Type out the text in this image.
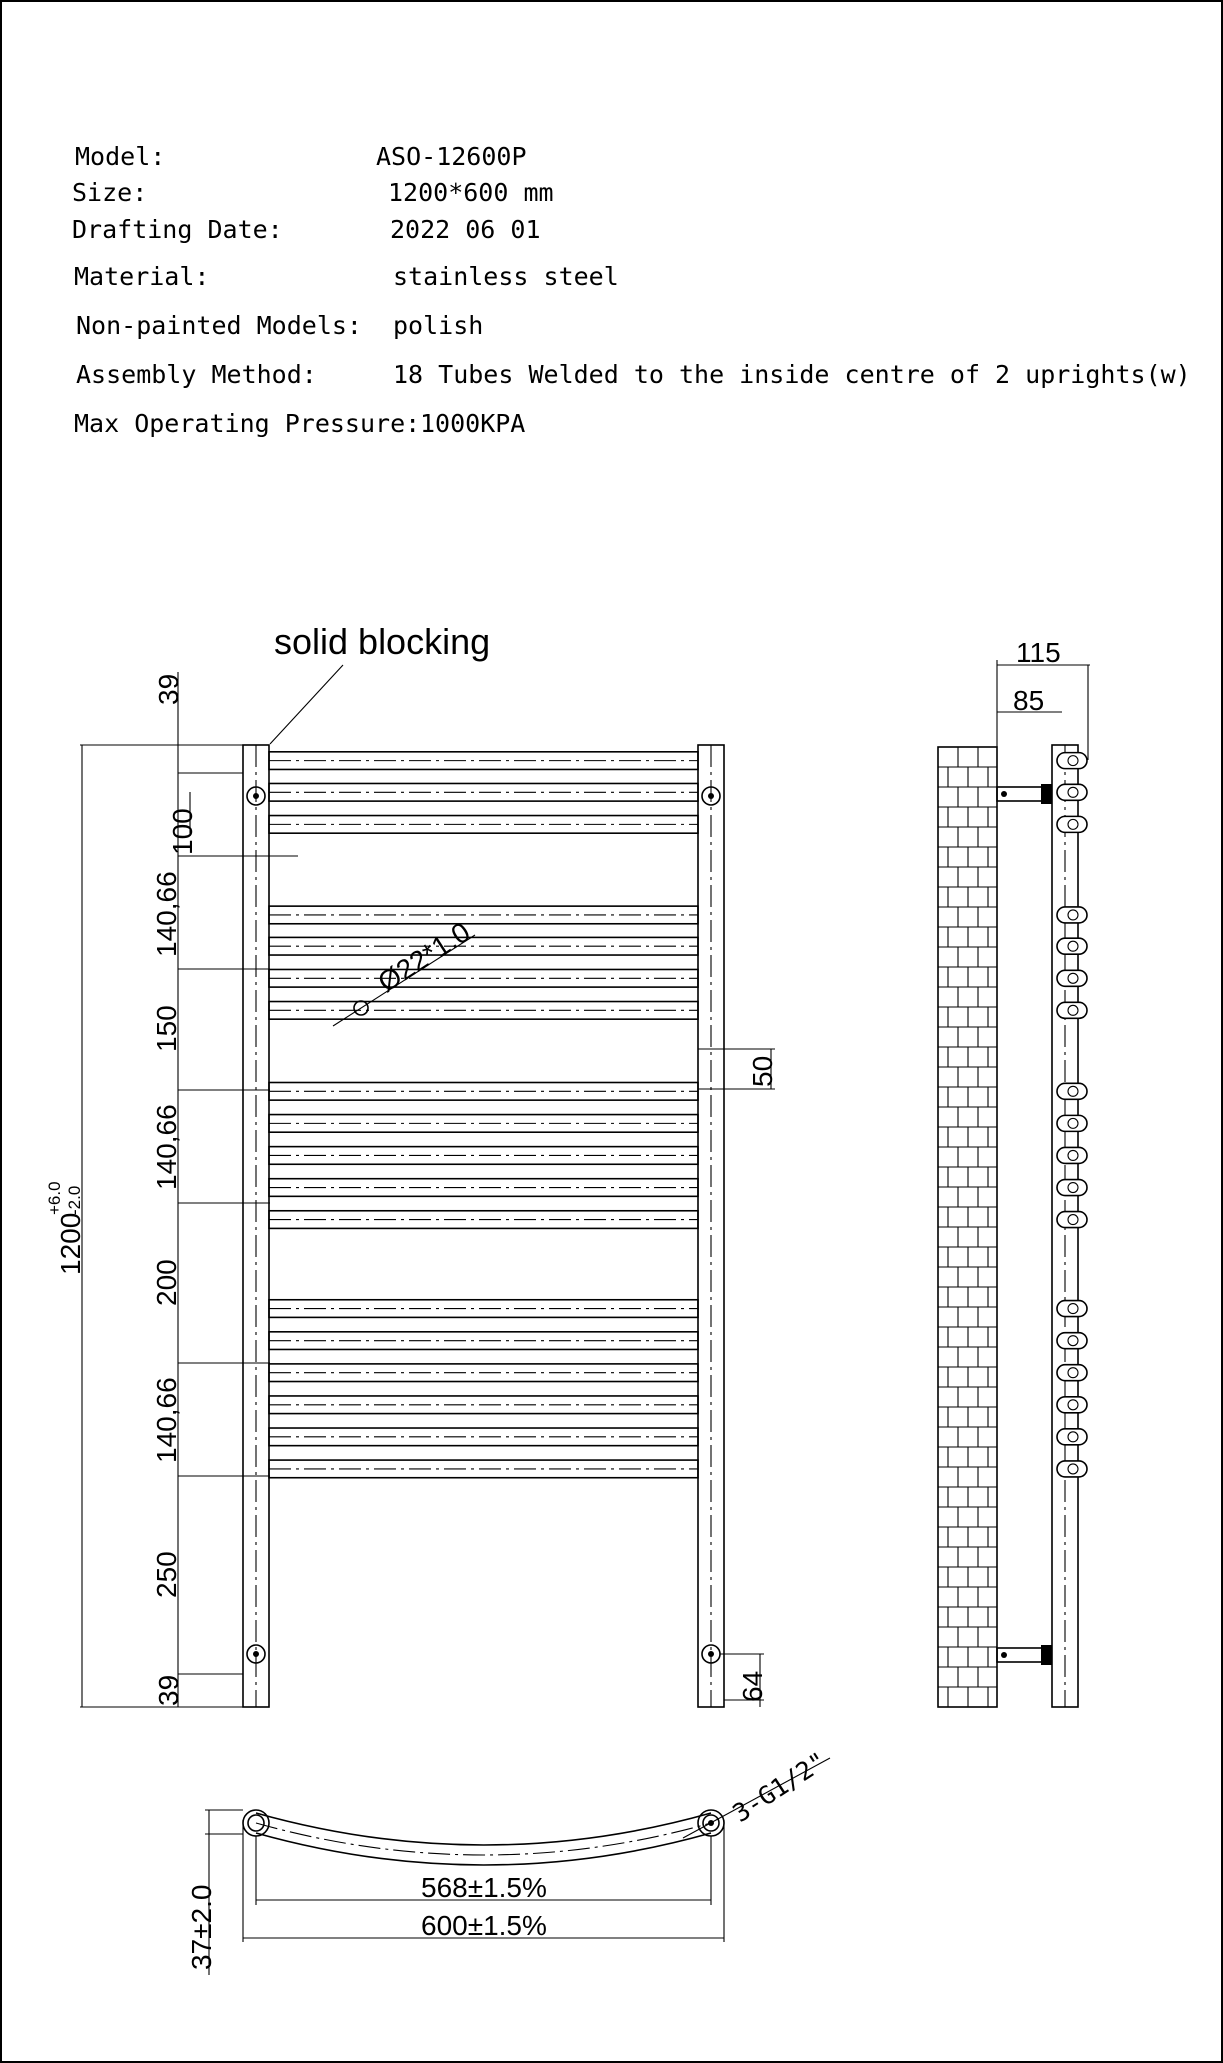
Model:	ASO-12600P
Size:	1200*600 mm
Drafting Date:	2022 06 01
Material:	stainless steel
Non-painted Models: polish
Assembly Method:	18 Tubes Welded to the inside centre of 2 uprights(w)
Max Operating Pressure: 1000KPA
solid blocking
Ø22*1.0
1200
+6.0 -2.0
39
100
140,66
150
140,66
200
140,66
250
39
50
64
115
85
37±2.0	568±1.5%
600±1.5%
3-G1/2"
